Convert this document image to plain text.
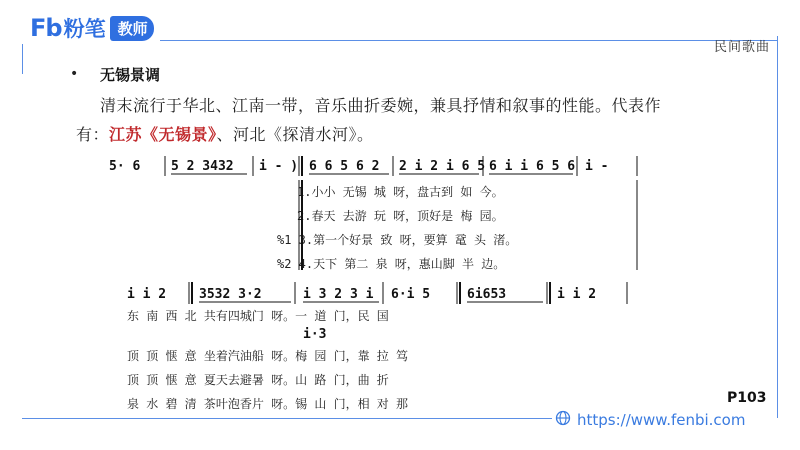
Fb 粉笔 教师
民间歌曲
• 无锡景调
清末流行于华北、江南一带，音乐曲折委婉，兼具抒情和叙事的性能。代表作
有：江苏《无锡景》、河北《探清水河》。
5· 6 5 2 3432 i - ) 6 6 5 6 2 2 i 2 i 6 5 6 i i 6 5 6 i -
1.小小 无锡 城 呀，盘古到 如 今。
2.春天 去游 玩 呀，顶好是 梅 园。
%1 3.第一个好景 致 呀，要算 鼋 头 渚。
%2 4.天下 第二 泉 呀，惠山脚 半 边。
i i 2	3532 3·2	i 3 2 3 i 6·i 5	6i653	i i 2
i·3
东 南 西 北 共有四城门 呀。一 道 门，民 国
顶 顶 惬 意 坐着汽油船 呀。梅 园 门，靠 拉 笃
顶 顶 惬 意 夏天去避暑 呀。山 路 门，曲 折
泉 水 碧 清 茶叶泡香片 呀。锡 山 门，相 对 那	P103
https://www.fenbi.com
